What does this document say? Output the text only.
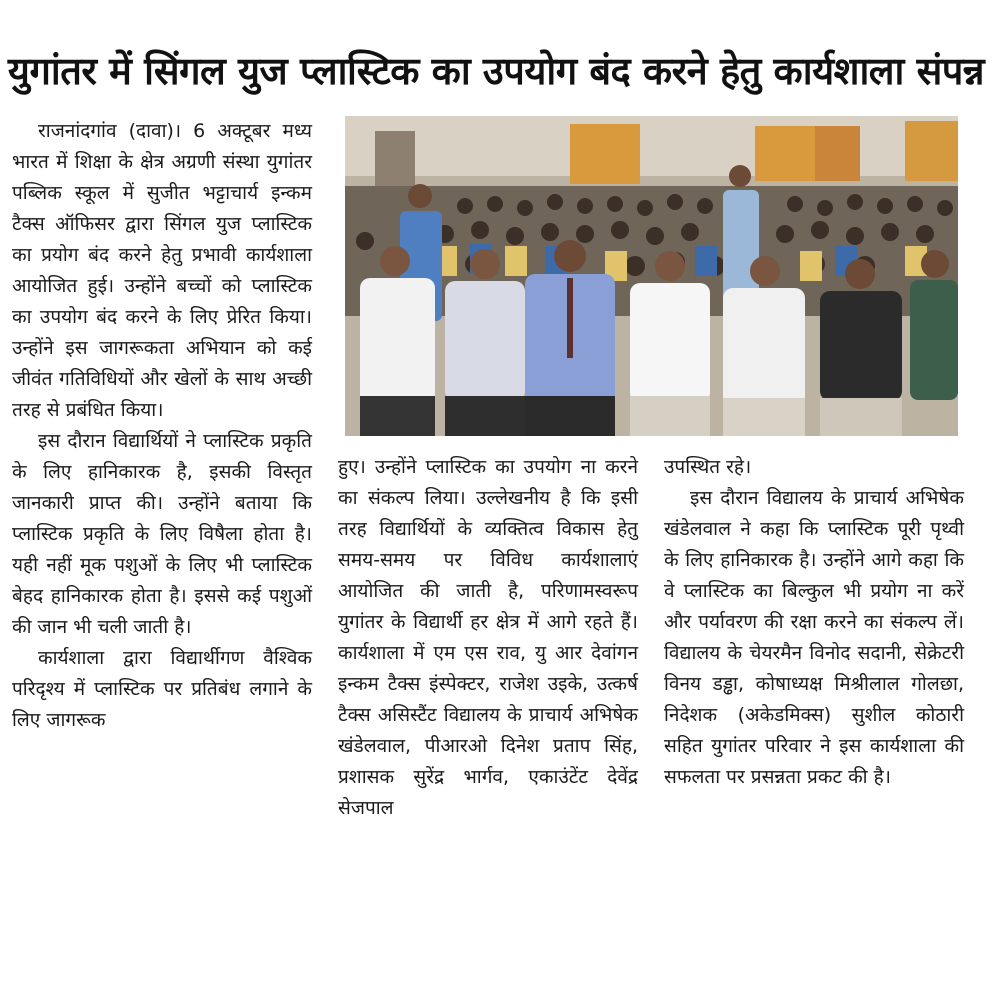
युगांतर में सिंगल युज प्लास्टिक का उपयोग बंद करने हेतु कार्यशाला संपन्न

राजनांदगांव (दावा)। 6 अक्टूबर मध्य भारत में शिक्षा के क्षेत्र अग्रणी संस्था युगांतर पब्लिक स्कूल में सुजीत भट्टाचार्य इन्कम टैक्स ऑफिसर द्वारा सिंगल युज प्लास्टिक का प्रयोग बंद करने हेतु प्रभावी कार्यशाला आयोजित हुई। उन्होंने बच्चों को प्लास्टिक का उपयोग बंद करने के लिए प्रेरित किया। उन्होंने इस जागरूकता अभियान को कई जीवंत गतिविधियों और खेलों के साथ अच्छी तरह से प्रबंधित किया।

इस दौरान विद्यार्थियों ने प्लास्टिक प्रकृति के लिए हानिकारक है, इसकी विस्तृत जानकारी प्राप्त की। उन्होंने बताया कि प्लास्टिक प्रकृति के लिए विषैला होता है। यही नहीं मूक पशुओं के लिए भी प्लास्टिक बेहद हानिकारक होता है। इससे कई पशुओं की जान भी चली जाती है।

कार्यशाला द्वारा विद्यार्थीगण वैश्विक परिदृश्य में प्लास्टिक पर प्रतिबंध लगाने के लिए जागरूक

हुए। उन्होंने प्लास्टिक का उपयोग ना करने का संकल्प लिया। उल्लेखनीय है कि इसी तरह विद्यार्थियों के व्यक्तित्व विकास हेतु समय-समय पर विविध कार्यशालाएं आयोजित की जाती है, परिणामस्वरूप युगांतर के विद्यार्थी हर क्षेत्र में आगे रहते हैं। कार्यशाला में एम एस राव, यु आर देवांगन इन्कम टैक्स इंस्पेक्टर, राजेश उइके, उत्कर्ष टैक्स असिस्टैंट विद्यालय के प्राचार्य अभिषेक खंडेलवाल, पीआरओ दिनेश प्रताप सिंह, प्रशासक सुरेंद्र भार्गव, एकाउंटेंट देवेंद्र सेजपाल

उपस्थित रहे।

इस दौरान विद्यालय के प्राचार्य अभिषेक खंडेलवाल ने कहा कि प्लास्टिक पूरी पृथ्वी के लिए हानिकारक है। उन्होंने आगे कहा कि वे प्लास्टिक का बिल्कुल भी प्रयोग ना करें और पर्यावरण की रक्षा करने का संकल्प लें। विद्यालय के चेयरमैन विनोद सदानी, सेक्रेटरी विनय डड्ढा, कोषाध्यक्ष मिश्रीलाल गोलछा, निदेशक (अकेडमिक्स) सुशील कोठारी सहित युगांतर परिवार ने इस कार्यशाला की सफलता पर प्रसन्नता प्रकट की है।
